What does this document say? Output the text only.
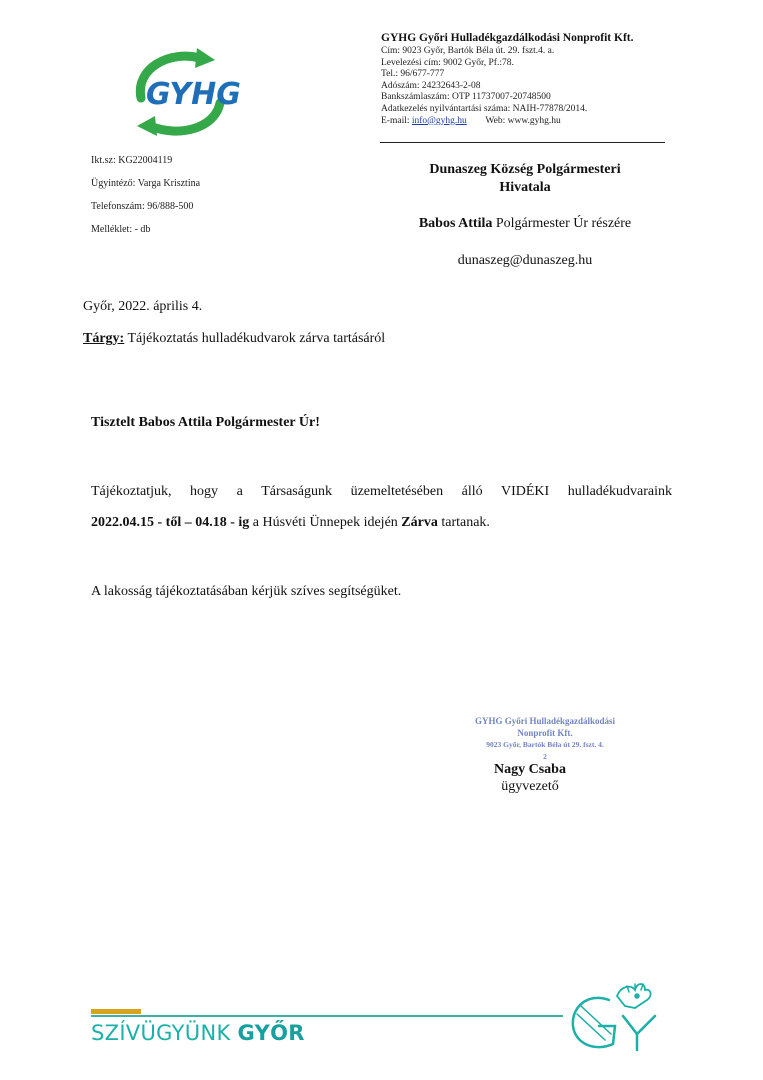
GYHG
GYHG Győri Hulladékgazdálkodási Nonprofit Kft.
Cím: 9023 Győr, Bartók Béla út. 29. fszt.4. a.
Levelezési cím: 9002 Győr, Pf.:78.
Tel.: 96/677-777
Adószám: 24232643-2-08
Bankszámlaszám: OTP 11737007-20748500
Adatkezelés nyilvántartási száma: NAIH-77878/2014.
E-mail: info@gyhg.hu Web: www.gyhg.hu
Ikt.sz: KG22004119
Ügyintéző: Varga Krisztina
Telefonszám: 96/888-500
Melléklet: - db
Dunaszeg Község Polgármesteri
Hivatala
Babos Attila Polgármester Úr részére
dunaszeg@dunaszeg.hu
Győr, 2022. április 4.
Tárgy: Tájékoztatás hulladékudvarok zárva tartásáról
Tisztelt Babos Attila Polgármester Úr!
Tájékoztatjuk, hogy a Társaságunk üzemeltetésében álló VIDÉKI hulladékudvaraink
2022.04.15 - től – 04.18 - ig a Húsvéti Ünnepek idején Zárva tartanak.
A lakosság tájékoztatásában kérjük szíves segítségüket.
GYHG Győri Hulladékgazdálkodási
Nonprofit Kft.
9023 Győr, Bartók Béla út 29. fszt. 4.
2
Nagy Csaba
ügyvezető
SZÍVÜGYÜNK GYŐR
